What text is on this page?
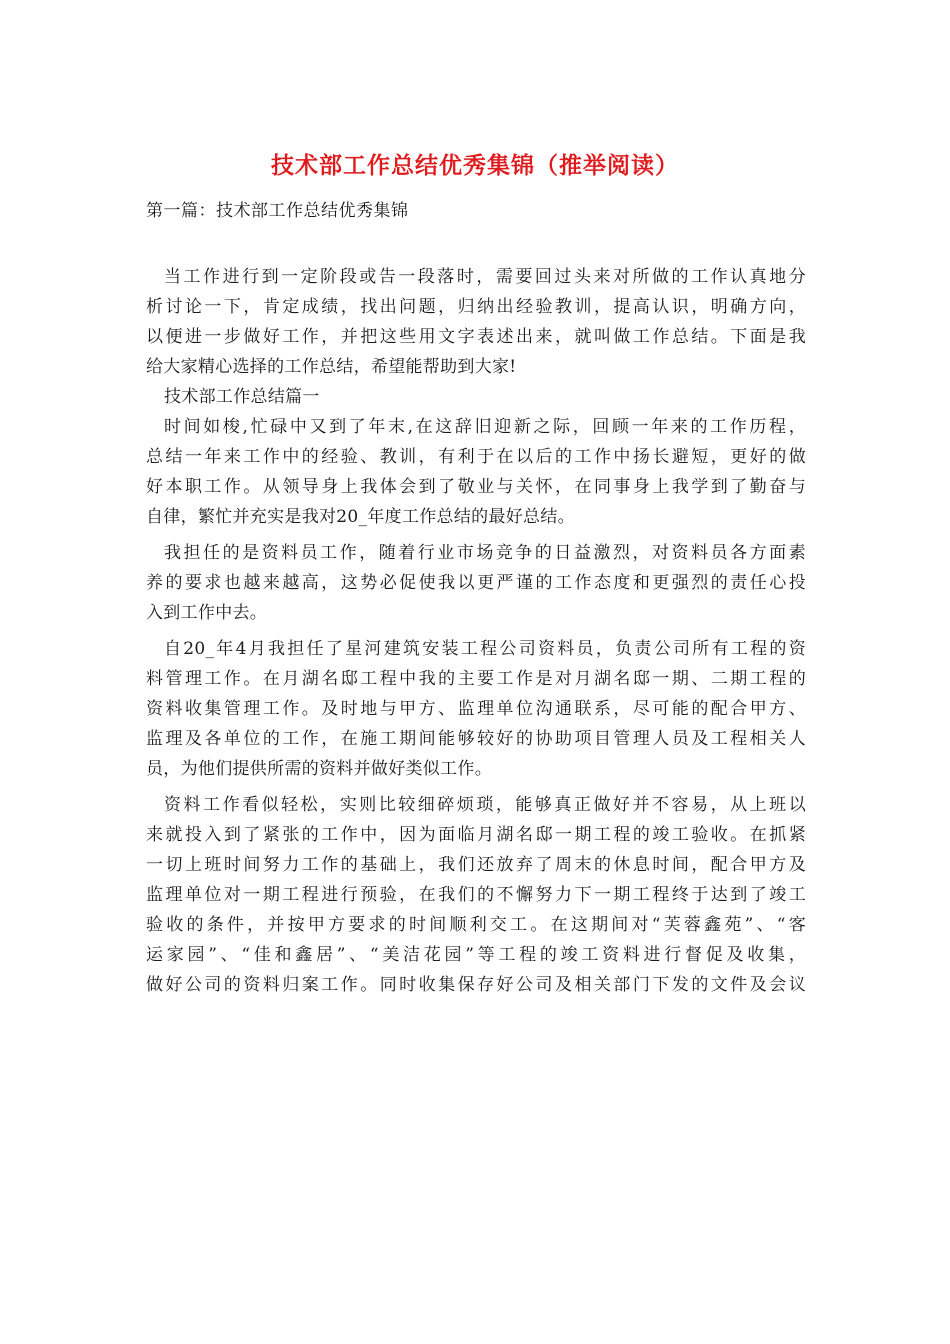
技术部工作总结优秀集锦（推举阅读）
第一篇：技术部工作总结优秀集锦
当工作进行到一定阶段或告一段落时，需要回过头来对所做的工作认真地分
析讨论一下，肯定成绩，找出问题，归纳出经验教训，提高认识，明确方向，
以便进一步做好工作，并把这些用文字表述出来，就叫做工作总结。下面是我
给大家精心选择的工作总结，希望能帮助到大家!
技术部工作总结篇一
时间如梭,忙碌中又到了年末,在这辞旧迎新之际，回顾一年来的工作历程，
总结一年来工作中的经验、教训，有利于在以后的工作中扬长避短，更好的做
好本职工作。从领导身上我体会到了敬业与关怀，在同事身上我学到了勤奋与
自律，繁忙并充实是我对20_年度工作总结的最好总结。
我担任的是资料员工作，随着行业市场竞争的日益激烈，对资料员各方面素
养的要求也越来越高，这势必促使我以更严谨的工作态度和更强烈的责任心投
入到工作中去。
自20_年4月我担任了星河建筑安装工程公司资料员，负责公司所有工程的资
料管理工作。在月湖名邸工程中我的主要工作是对月湖名邸一期、二期工程的
资料收集管理工作。及时地与甲方、监理单位沟通联系，尽可能的配合甲方、
监理及各单位的工作，在施工期间能够较好的协助项目管理人员及工程相关人
员，为他们提供所需的资料并做好类似工作。
资料工作看似轻松，实则比较细碎烦琐，能够真正做好并不容易，从上班以
来就投入到了紧张的工作中，因为面临月湖名邸一期工程的竣工验收。在抓紧
一切上班时间努力工作的基础上，我们还放弃了周末的休息时间，配合甲方及
监理单位对一期工程进行预验，在我们的不懈努力下一期工程终于达到了竣工
验收的条件，并按甲方要求的时间顺利交工。在这期间对“芙蓉鑫苑”、“客
运家园”、“佳和鑫居”、“美洁花园”等工程的竣工资料进行督促及收集，
做好公司的资料归案工作。同时收集保存好公司及相关部门下发的文件及会议
